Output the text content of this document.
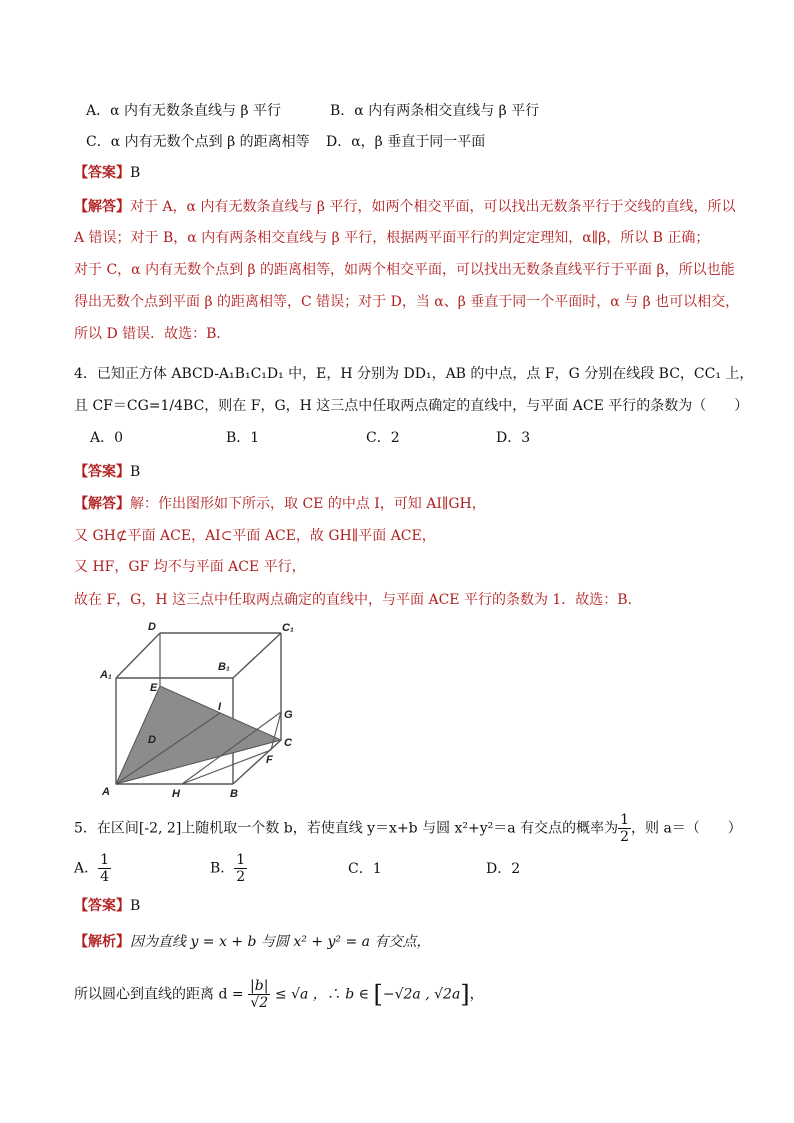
A．α 内有无数条直线与 β 平行	B．α 内有两条相交直线与 β 平行
C．α 内有无数个点到 β 的距离相等 D．α，β 垂直于同一平面
【答案】B
【解答】对于 A，α 内有无数条直线与 β 平行，如两个相交平面，可以找出无数条平行于交线的直线，所以
A 错误；对于 B，α 内有两条相交直线与 β 平行，根据两平面平行的判定定理知，α∥β，所以 B 正确；
对于 C，α 内有无数个点到 β 的距离相等，如两个相交平面，可以找出无数条直线平行于平面 β，所以也能
得出无数个点到平面 β 的距离相等，C 错误；对于 D，当 α、β 垂直于同一个平面时，α 与 β 也可以相交，
所以 D 错误．故选：B．
4．已知正方体 ABCD-A₁B₁C₁D₁ 中，E，H 分别为 DD₁，AB 的中点，点 F，G 分别在线段 BC，CC₁ 上，
且 CF＝CG=1/4BC，则在 F，G，H 这三点中任取两点确定的直线中，与平面 ACE 平行的条数为（　　）
A．0	B．1	C．2	D．3
【答案】B
【解答】解：作出图形如下所示，取 CE 的中点 I，可知 AI∥GH，
又 GH⊄平面 ACE，AI⊂平面 ACE，故 GH∥平面 ACE，
又 HF，GF 均不与平面 ACE 平行，
故在 F，G，H 这三点中任取两点确定的直线中，与平面 ACE 平行的条数为 1．故选：B．
D	C₁
A₁
B₁
E
I
G
D	C
F
A	H	B
5．在区间[-2, 2]上随机取一个数 b，若使直线 y＝x+b 与圆 x²+y²＝a 有交点的概率为 $\frac{1}{2}$ ，则 a＝（　　）
A． $\frac{1}{4}$	B． $\frac{1}{2}$	C．1	D．2
【答案】B
【解析】因为直线 y = x + b 与圆 x² + y² = a 有交点，
所以圆心到直线的距离 $d = \frac{|b|}{√2} \le √a$ ，∴ b ∈ [−√2a , √2a]，
